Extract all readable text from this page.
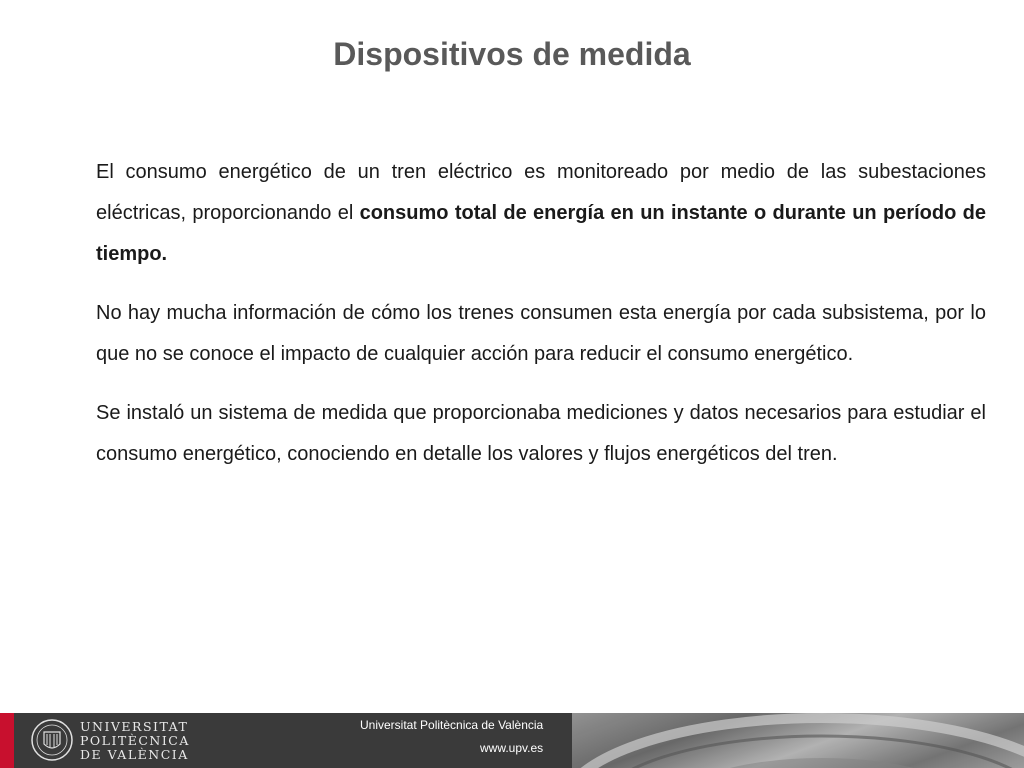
Dispositivos de medida

El consumo energético de un tren eléctrico es monitoreado por medio de las subestaciones eléctricas, proporcionando el consumo total de energía en un instante o durante un período de tiempo.

No hay mucha información de cómo los trenes consumen esta energía por cada subsistema, por lo que no se conoce el impacto de cualquier acción para reducir el consumo energético.

Se instaló un sistema de medida que proporcionaba mediciones y datos necesarios para estudiar el consumo energético, conociendo en detalle los valores y flujos energéticos del tren.

UNIVERSITAT
POLITÈCNICA
DE VALÈNCIA
Universitat Politècnica de València
www.upv.es
